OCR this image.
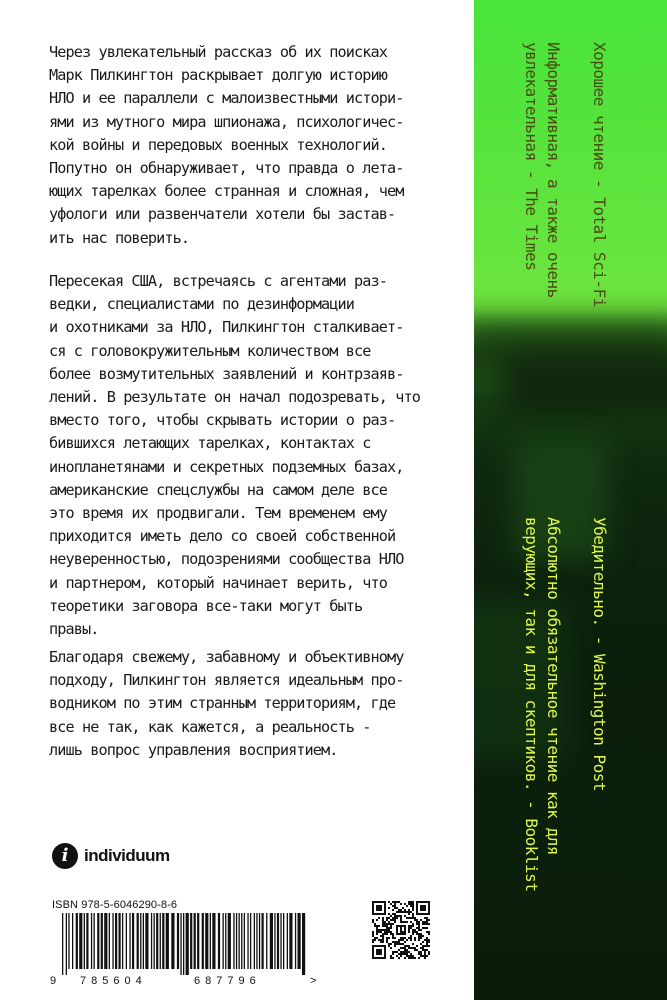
Через увлекательный рассказ об их поисках
Марк Пилкингтон раскрывает долгую историю
НЛО и ее параллели с малоизвестными истори-
ями из мутного мира шпионажа, психологичес-
кой войны и передовых военных технологий.
Попутно он обнаруживает, что правда о лета-
ющих тарелках более странная и сложная, чем
уфологи или развенчатели хотели бы застав-
ить нас поверить.

Пересекая США, встречаясь с агентами раз-
ведки, специалистами по дезинформации
и охотниками за НЛО, Пилкингтон сталкивает-
ся с головокружительным количеством все
более возмутительных заявлений и контрзаяв-
лений. В результате он начал подозревать, что
вместо того, чтобы скрывать истории о раз-
бившихся летающих тарелках, контактах с
инопланетянами и секретных подземных базах,
американские спецслужбы на самом деле все
это время их продвигали. Тем временем ему
приходится иметь дело со своей собственной
неуверенностью, подозрениями сообщества НЛО
и партнером, который начинает верить, что
теоретики заговора все-таки могут быть
правы.

Благодаря свежему, забавному и объективному
подходу, Пилкингтон является идеальным про-
водником по этим странным территориям, где
все не так, как кажется, а реальность -
лишь вопрос управления восприятием.

i individuum
ISBN 978-5-6046290-8-6
9 785604	687796	>

Хорошее чтение - Total Sci-Fi

Информативная, а также очень
увлекательная - The Times

Убедительно. - Washington Post

Абсолютно обязательное чтение как для
верующих, так и для скептиков. - Booklist
